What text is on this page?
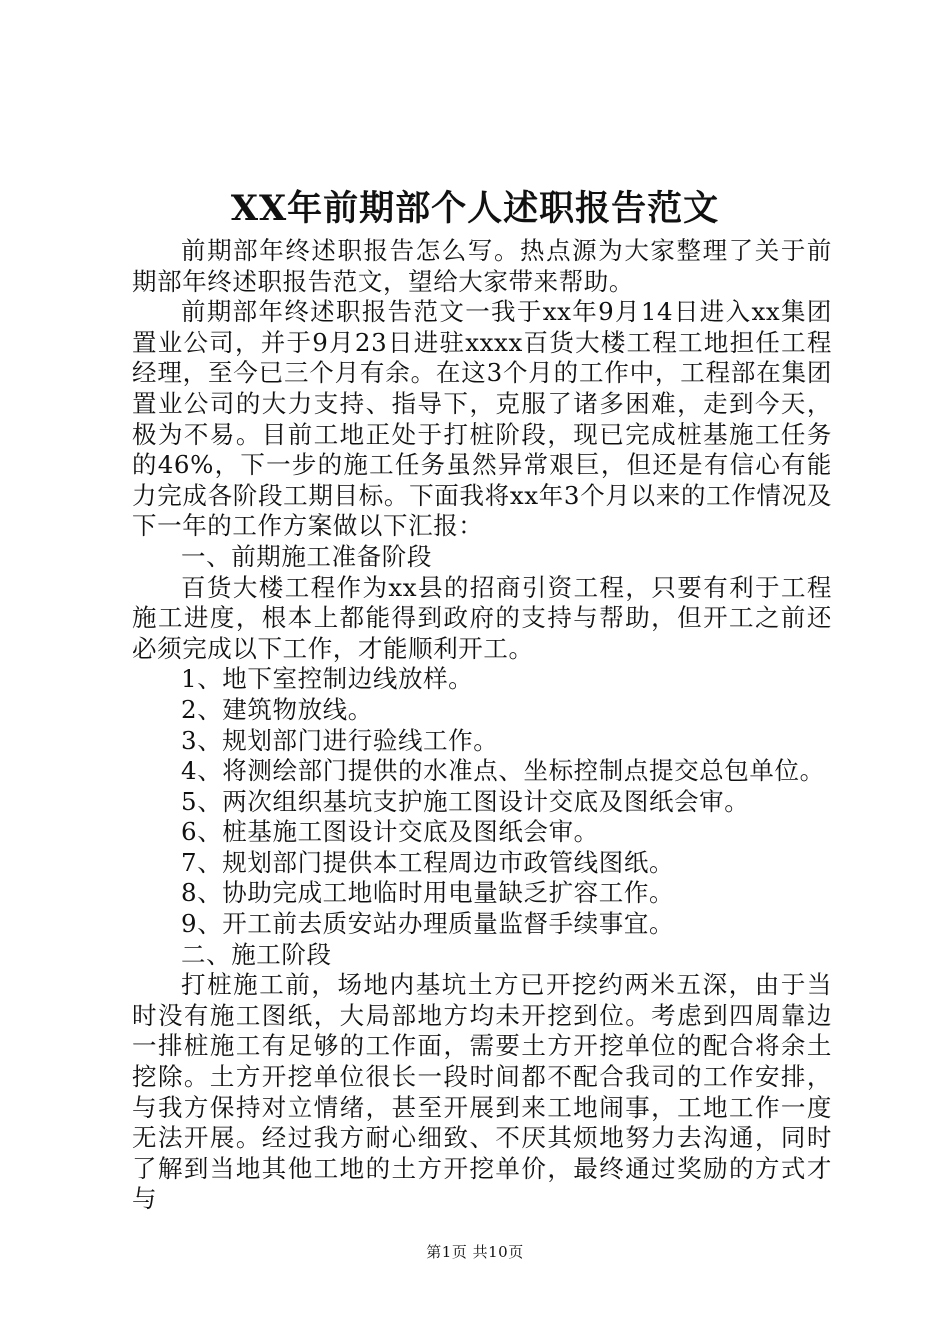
XX年前期部个人述职报告范文

前期部年终述职报告怎么写。热点源为大家整理了关于前期部年终述职报告范文，望给大家带来帮助。

前期部年终述职报告范文一我于xx年9月14日进入xx集团置业公司，并于9月23日进驻xxxx百货大楼工程工地担任工程经理，至今已三个月有余。在这3个月的工作中，工程部在集团置业公司的大力支持、指导下，克服了诸多困难，走到今天，极为不易。目前工地正处于打桩阶段，现已完成桩基施工任务的46%，下一步的施工任务虽然异常艰巨，但还是有信心有能力完成各阶段工期目标。下面我将xx年3个月以来的工作情况及下一年的工作方案做以下汇报：

一、前期施工准备阶段

百货大楼工程作为xx县的招商引资工程，只要有利于工程施工进度，根本上都能得到政府的支持与帮助，但开工之前还必须完成以下工作，才能顺利开工。

1、地下室控制边线放样。

2、建筑物放线。

3、规划部门进行验线工作。

4、将测绘部门提供的水准点、坐标控制点提交总包单位。

5、两次组织基坑支护施工图设计交底及图纸会审。

6、桩基施工图设计交底及图纸会审。

7、规划部门提供本工程周边市政管线图纸。

8、协助完成工地临时用电量缺乏扩容工作。

9、开工前去质安站办理质量监督手续事宜。

二、施工阶段

打桩施工前，场地内基坑土方已开挖约两米五深，由于当时没有施工图纸，大局部地方均未开挖到位。考虑到四周靠边一排桩施工有足够的工作面，需要土方开挖单位的配合将余土挖除。土方开挖单位很长一段时间都不配合我司的工作安排，与我方保持对立情绪，甚至开展到来工地闹事，工地工作一度无法开展。经过我方耐心细致、不厌其烦地努力去沟通，同时了解到当地其他工地的土方开挖单价，最终通过奖励的方式才与

第1页 共10页
